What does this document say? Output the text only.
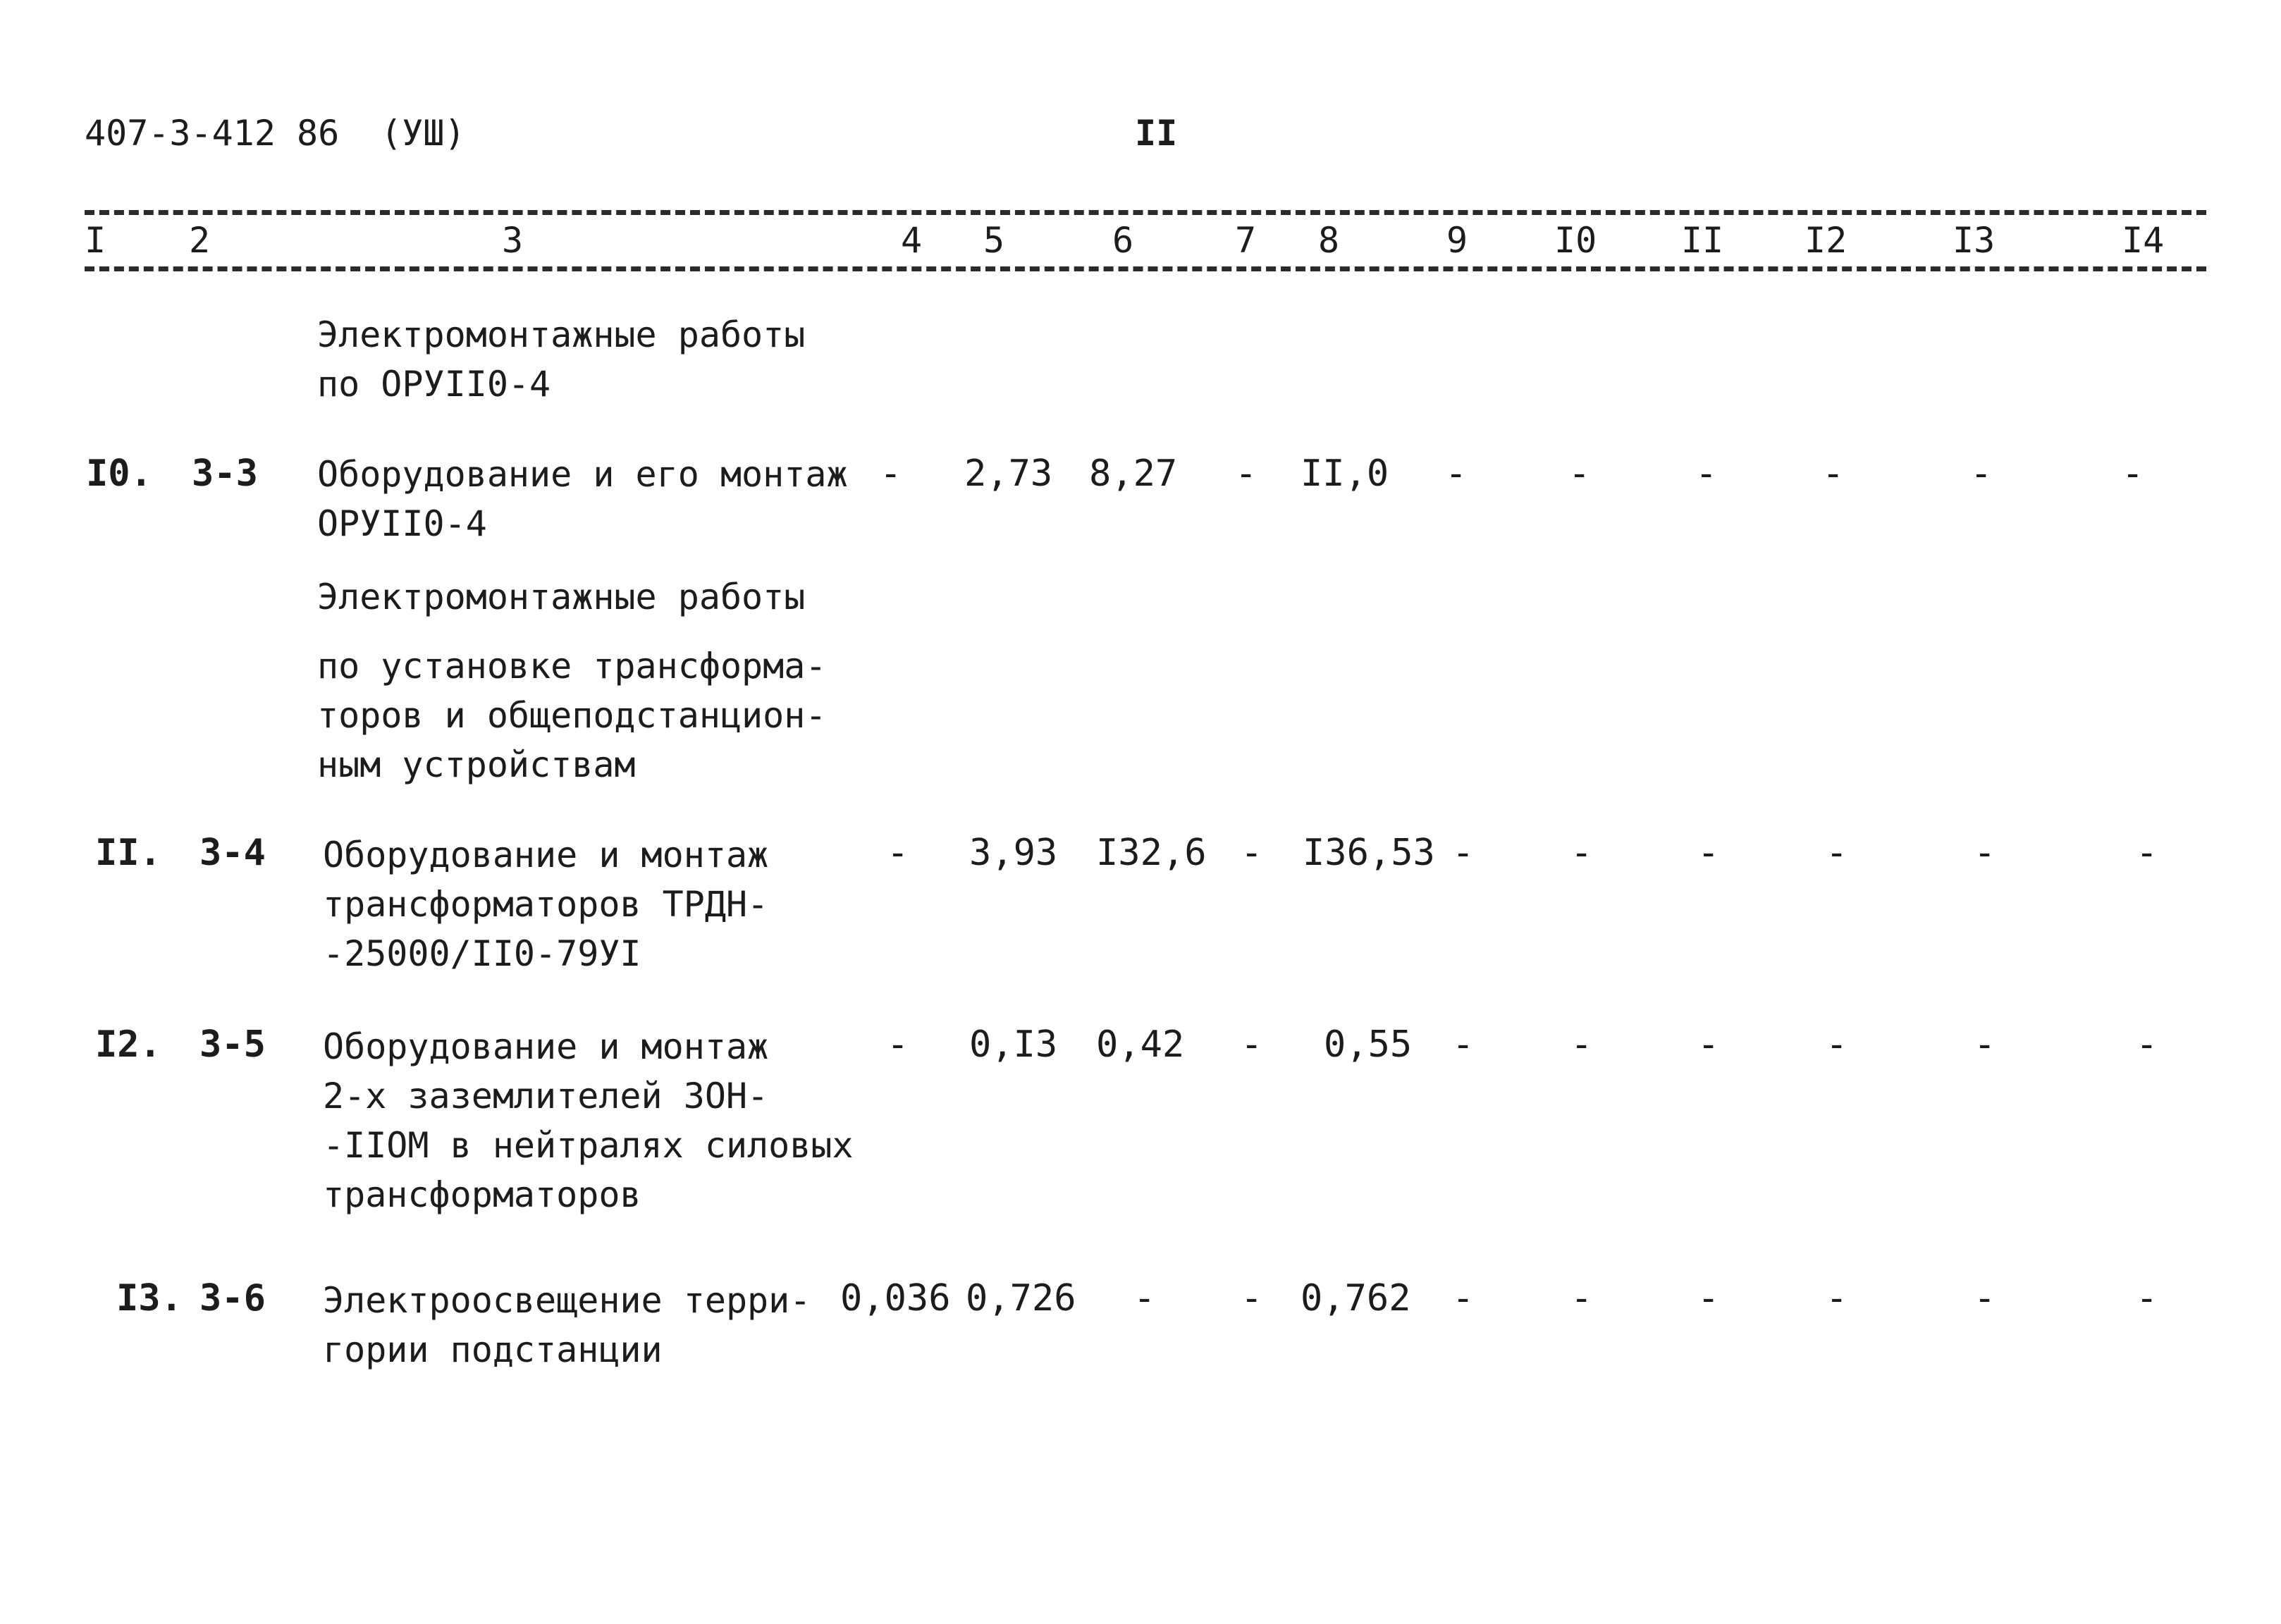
407-3-412 86 (УШ)	II
I 2	3	4 5	6	7 8	9 I0 II I2	I3	I4
Электромонтажные работы
по ОРУII0-4
I0. 3-3 Оборудование и его монтаж
ОРУII0-4
- 2,73 8,27 - II,0 -	-	-	-	-	-
Электромонтажные работы
по установке трансформа-
торов и общеподстанцион-
ным устройствам
II. 3-4 Оборудование и монтаж
трансформаторов ТРДН-
-25000/II0-79УI
- 3,93 I32,6 - I36,53 -	-	-	-	-	-
I2. 3-5 Оборудование и монтаж
2-х заземлителей ЗОН-
-IIОМ в нейтралях силовых
трансформаторов
- 0,I3 0,42 - 0,55 -	-	-	-	-	-
I3. 3-6 Электроосвещение терри-
гории подстанции
0,036 0,726 - - 0,762 -	-	-	-	-	-
